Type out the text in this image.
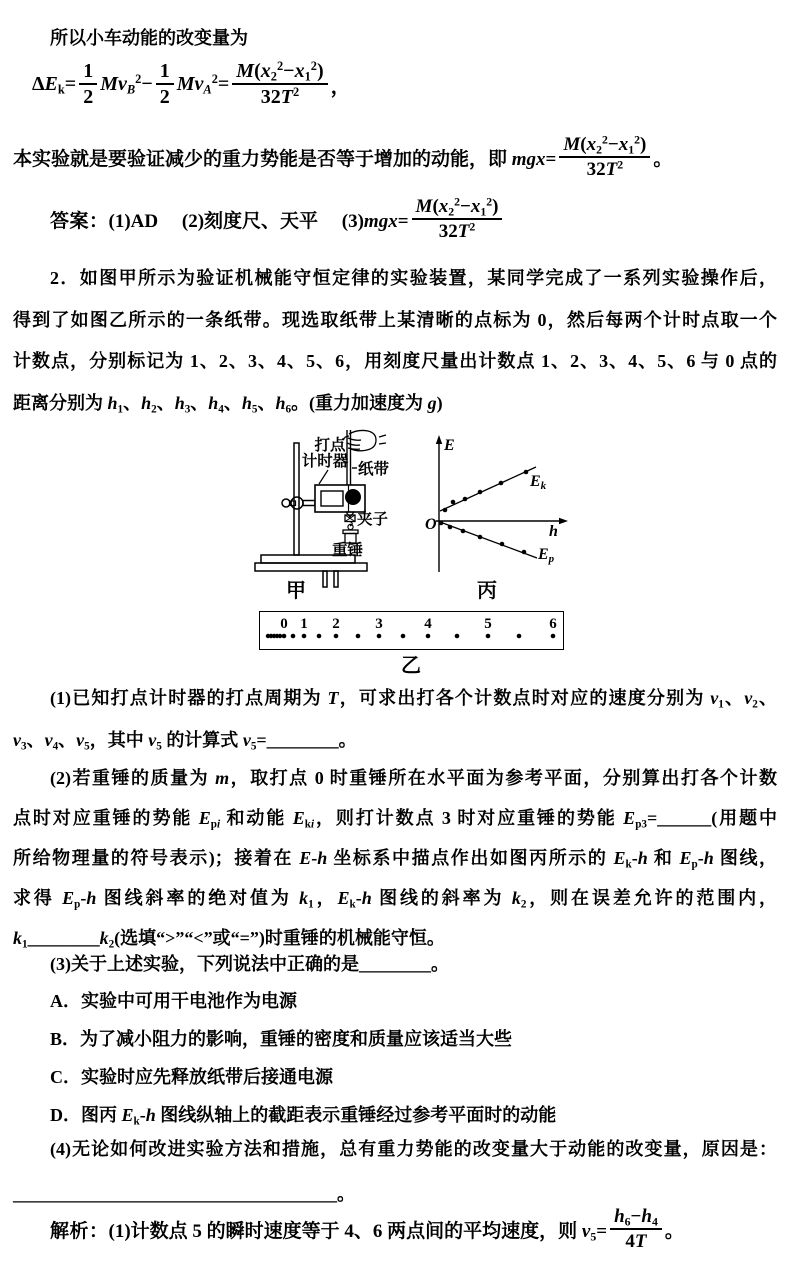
所以小车动能的改变量为
$\Delta E_k= \frac{1}{2} Mv_B^2- \frac{1}{2} Mv_A^2= \frac{M(x_2^2-x_1^2)}{32T^2}$ ，
本实验就是要验证减少的重力势能是否等于增加的动能，即 $mgx= \frac{M(x_2^2-x_1^2)}{32T^2}$ 。
答案： (1)AD　 (2)刻度尺、天平　 $(3)mgx= \frac{M(x_2^2-x_1^2)}{32T^2}$
2．如图甲所示为验证机械能守恒定律的实验装置，某同学完成了一系列实验操作后，
得到了如图乙所示的一条纸带。现选取纸带上某清晰的点标为 0，然后每两个计时点取一个
计数点，分别标记为 1、2、3、4、5、6，用刻度尺量出计数点 1、2、3、4、5、6 与 0 点的
距离分别为 $h_1$、$h_2$、$h_3$、$h_4$、$h_5$、$h_6$。(重力加速度为 g)
打点
计时器 纸带
夹子
重锤
E
h
O
Ek
Ep
甲	丙
0 1 2 3	4	5	6
乙
(1)已知打点计时器的打点周期为 T，可求出打各个计数点时对应的速度分别为 $v_1$、$v_2$、
$v_3$、$v_4$、$v_5$，其中 $v_5$ 的计算式 $v_5=\_\_\_\_\_\_\_\_$。
(2)若重锤的质量为 m，取打点 0 时重锤所在水平面为参考平面，分别算出打各个计数
点时对应重锤的势能 $E_{pi}$ 和动能 $E_{ki}$，则打计数点 3 时对应重锤的势能 $E_{p3}=\_\_\_\_\_\_$(用题中
所给物理量的符号表示)；接着在 E-h 坐标系中描点作出如图丙所示的 $E_k-h$ 和 $E_p-h$ 图线，
求得 $E_p-h$ 图线斜率的绝对值为 $k_1$，$E_k-h$ 图线的斜率为 $k_2$，则在误差允许的范围内，
$k_1\_\_\_\_\_\_\_\_k_2$(选填“>”“<”或“=”)时重锤的机械能守恒。
(3)关于上述实验，下列说法中正确的是________。
A．实验中可用干电池作为电源
B．为了减小阻力的影响，重锤的密度和质量应该适当大些
C．实验时应先释放纸带后接通电源
D．图丙 $E_k-h$ 图线纵轴上的截距表示重锤经过参考平面时的动能
(4)无论如何改进实验方法和措施，总有重力势能的改变量大于动能的改变量，原因是：
____________________________________。
解析： (1)计数点 5 的瞬时速度等于 4、6 两点间的平均速度，则 $v_5= \frac{h_6-h_4}{4T}$ 。
